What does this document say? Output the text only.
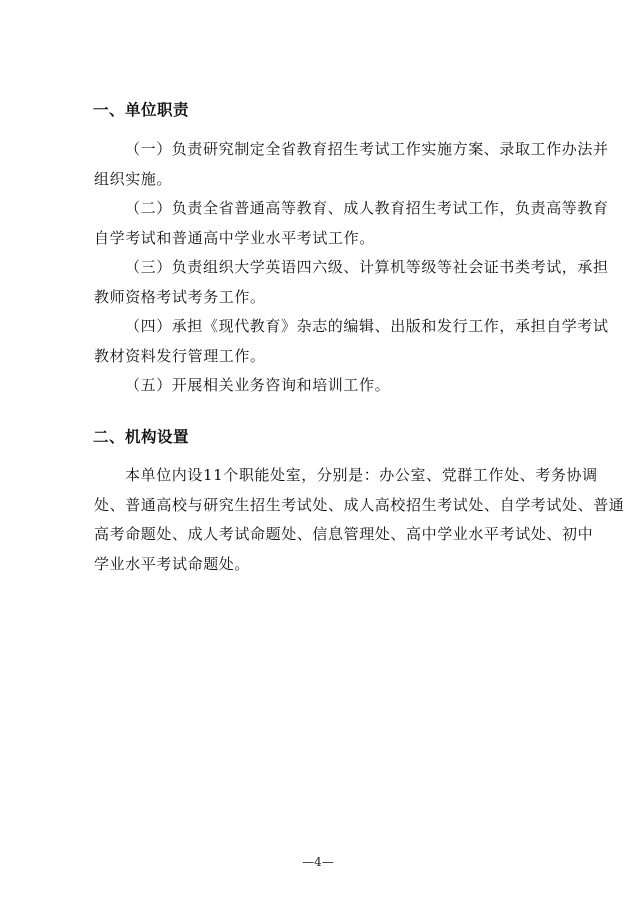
一、单位职责
（一）负责研究制定全省教育招生考试工作实施方案、录取工作办法并
组织实施。
（二）负责全省普通高等教育、成人教育招生考试工作，负责高等教育
自学考试和普通高中学业水平考试工作。
（三）负责组织大学英语四六级、计算机等级等社会证书类考试，承担
教师资格考试考务工作。
（四）承担《现代教育》杂志的编辑、出版和发行工作，承担自学考试
教材资料发行管理工作。
（五）开展相关业务咨询和培训工作。
二、机构设置
本单位内设11个职能处室，分别是：办公室、党群工作处、考务协调
处、普通高校与研究生招生考试处、成人高校招生考试处、自学考试处、普通
高考命题处、成人考试命题处、信息管理处、高中学业水平考试处、初中
学业水平考试命题处。
—4—
